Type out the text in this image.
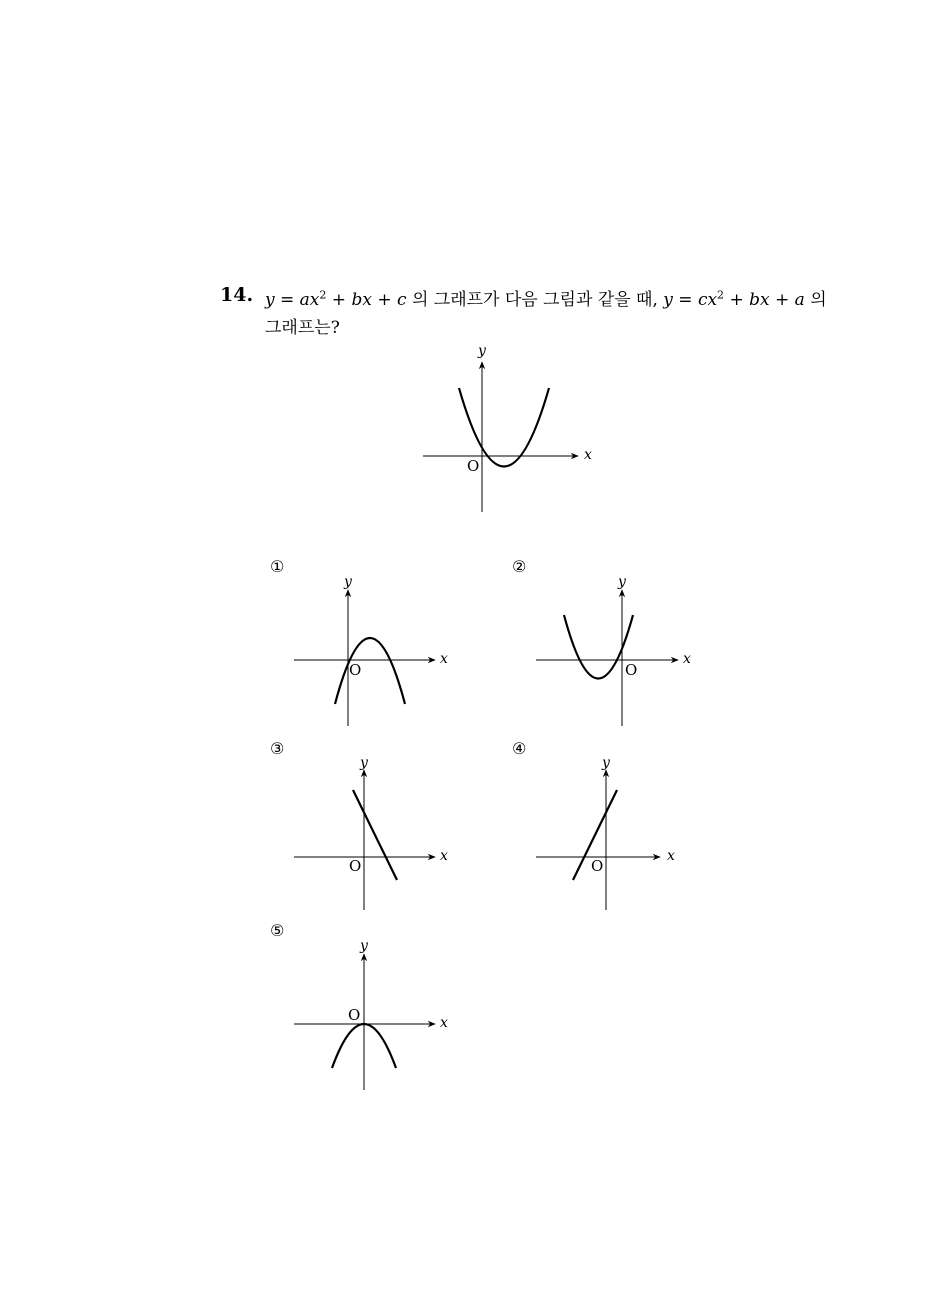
14. $y = ax^2$ + bx + c 의 그래프가 다음 그림과 같을 때, $y = cx^2$ + bx + a 의
그래프는?
x
y
O
x
y
O
x
y
O
x
y
O
x
y
O
x
y
O
①	②
③	④
⑤
